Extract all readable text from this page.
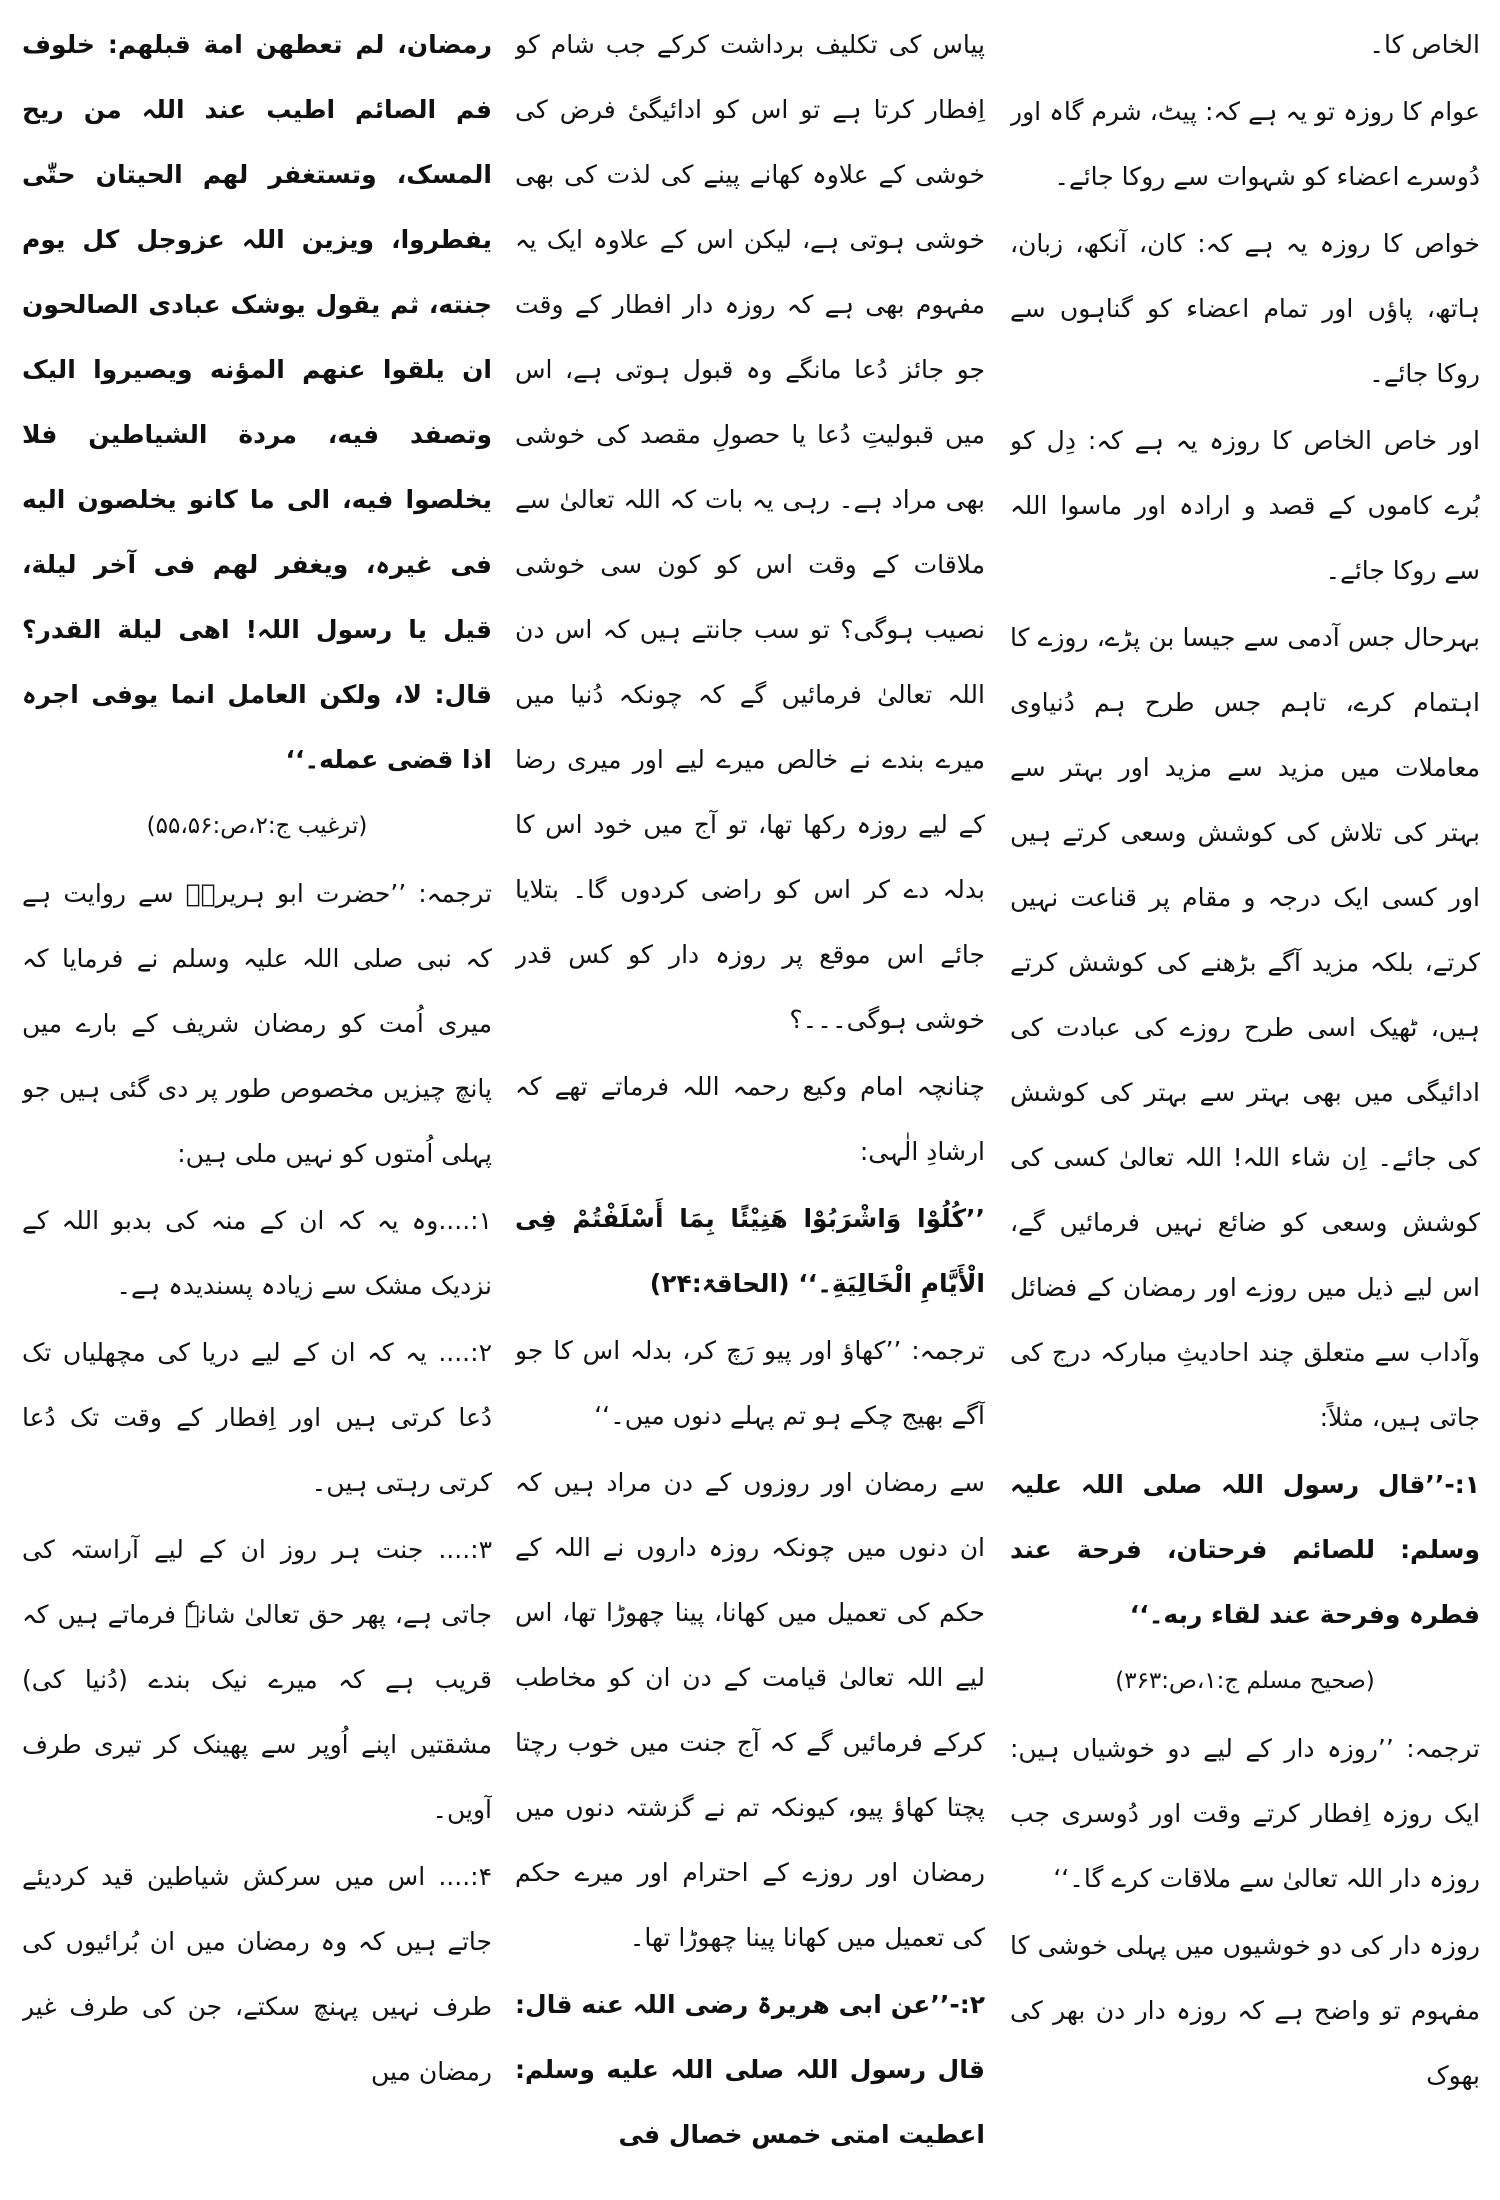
الخاص کا۔

عوام کا روزہ تو یہ ہے کہ: پیٹ، شرم گاہ اور دُوسرے اعضاء کو شہوات سے روکا جائے۔

خواص کا روزہ یہ ہے کہ: کان، آنکھ، زبان، ہاتھ، پاؤں اور تمام اعضاء کو گناہوں سے روکا جائے۔

اور خاص الخاص کا روزہ یہ ہے کہ: دِل کو بُرے کاموں کے قصد و ارادہ اور ماسوا اللہ سے روکا جائے۔

بہرحال جس آدمی سے جیسا بن پڑے، روزے کا اہتمام کرے، تاہم جس طرح ہم دُنیاوی معاملات میں مزید سے مزید اور بہتر سے بہتر کی تلاش کی کوشش وسعی کرتے ہیں اور کسی ایک درجہ و مقام پر قناعت نہیں کرتے، بلکہ مزید آگے بڑھنے کی کوشش کرتے ہیں، ٹھیک اسی طرح روزے کی عبادت کی ادائیگی میں بھی بہتر سے بہتر کی کوشش کی جائے۔ اِن شاء اللہ! اللہ تعالیٰ کسی کی کوشش وسعی کو ضائع نہیں فرمائیں گے، اس لیے ذیل میں روزے اور رمضان کے فضائل وآداب سے متعلق چند احادیثِ مبارکہ درج کی جاتی ہیں، مثلاً:

۱:-’’قال رسول اللہ صلی اللہ علیہ وسلم: للصائم فرحتان، فرحة عند فطرہ وفرحة عند لقاء ربه۔‘‘

(صحیح مسلم ج:۱،ص:۳۶۳)

ترجمہ: ’’روزہ دار کے لیے دو خوشیاں ہیں: ایک روزہ اِفطار کرتے وقت اور دُوسری جب روزہ دار اللہ تعالیٰ سے ملاقات کرے گا۔‘‘

روزہ دار کی دو خوشیوں میں پہلی خوشی کا مفہوم تو واضح ہے کہ روزہ دار دن بھر کی بھوک

پیاس کی تکلیف برداشت کرکے جب شام کو اِفطار کرتا ہے تو اس کو ادائیگیٔ فرض کی خوشی کے علاوہ کھانے پینے کی لذت کی بھی خوشی ہوتی ہے، لیکن اس کے علاوہ ایک یہ مفہوم بھی ہے کہ روزہ دار افطار کے وقت جو جائز دُعا مانگے وہ قبول ہوتی ہے، اس میں قبولیتِ دُعا یا حصولِ مقصد کی خوشی بھی مراد ہے۔ رہی یہ بات کہ اللہ تعالیٰ سے ملاقات کے وقت اس کو کون سی خوشی نصیب ہوگی؟ تو سب جانتے ہیں کہ اس دن اللہ تعالیٰ فرمائیں گے کہ چونکہ دُنیا میں میرے بندے نے خالص میرے لیے اور میری رضا کے لیے روزہ رکھا تھا، تو آج میں خود اس کا بدلہ دے کر اس کو راضی کردوں گا۔ بتلایا جائے اس موقع پر روزہ دار کو کس قدر خوشی ہوگی۔۔۔؟

چنانچہ امام وکیع رحمہ اللہ فرماتے تھے کہ ارشادِ الٰہی:

’’کُلُوْا وَاشْرَبُوْا هَنِیْئًا بِمَا أَسْلَفْتُمْ فِی الْأَیَّامِ الْخَالِیَةِ۔‘‘ (الحاقۃ:۲۴)

ترجمہ: ’’کھاؤ اور پیو رَچ کر، بدلہ اس کا جو آگے بھیج چکے ہو تم پہلے دنوں میں۔‘‘

سے رمضان اور روزوں کے دن مراد ہیں کہ ان دنوں میں چونکہ روزہ داروں نے اللہ کے حکم کی تعمیل میں کھانا، پینا چھوڑا تھا، اس لیے اللہ تعالیٰ قیامت کے دن ان کو مخاطب کرکے فرمائیں گے کہ آج جنت میں خوب رچتا پچتا کھاؤ پیو، کیونکہ تم نے گزشتہ دنوں میں رمضان اور روزے کے احترام اور میرے حکم کی تعمیل میں کھانا پینا چھوڑا تھا۔

۲:-’’عن ابی ھریرۃ رضی اللہ عنه قال: قال رسول اللہ صلی اللہ علیه وسلم: اعطیت امتی خمس خصال فی

رمضان، لم تعطهن امة قبلهم: خلوف فم الصائم اطیب عند اللہ من ریح المسک، وتستغفر لهم الحیتان حتّٰی یفطروا، ویزین اللہ عزوجل کل یوم جنته، ثم یقول یوشک عبادی الصالحون ان یلقوا عنهم المؤنه ویصیروا الیک وتصفد فیه، مردة الشیاطین فلا یخلصوا فیه، الی ما کانو یخلصون الیه فی غیرہ، ویغفر لهم فی آخر لیلة، قیل یا رسول اللہ! اھی لیلة القدر؟ قال: لا، ولکن العامل انما یوفی اجرہ اذا قضی عمله۔‘‘

(ترغیب ج:۲،ص:۵۵،۵۶)

ترجمہ: ’’حضرت ابو ہریرہؓ سے روایت ہے کہ نبی صلی اللہ علیہ وسلم نے فرمایا کہ میری اُمت کو رمضان شریف کے بارے میں پانچ چیزیں مخصوص طور پر دی گئی ہیں جو پہلی اُمتوں کو نہیں ملی ہیں:

۱:....وہ یہ کہ ان کے منہ کی بدبو اللہ کے نزدیک مشک سے زیادہ پسندیدہ ہے۔

۲:.... یہ کہ ان کے لیے دریا کی مچھلیاں تک دُعا کرتی ہیں اور اِفطار کے وقت تک دُعا کرتی رہتی ہیں۔

۳:.... جنت ہر روز ان کے لیے آراستہ کی جاتی ہے، پھر حق تعالیٰ شانہٗ فرماتے ہیں کہ قریب ہے کہ میرے نیک بندے (دُنیا کی) مشقتیں اپنے اُوپر سے پھینک کر تیری طرف آویں۔

۴:.... اس میں سرکش شیاطین قید کردیئے جاتے ہیں کہ وہ رمضان میں ان بُرائیوں کی طرف نہیں پہنچ سکتے، جن کی طرف غیر رمضان میں
